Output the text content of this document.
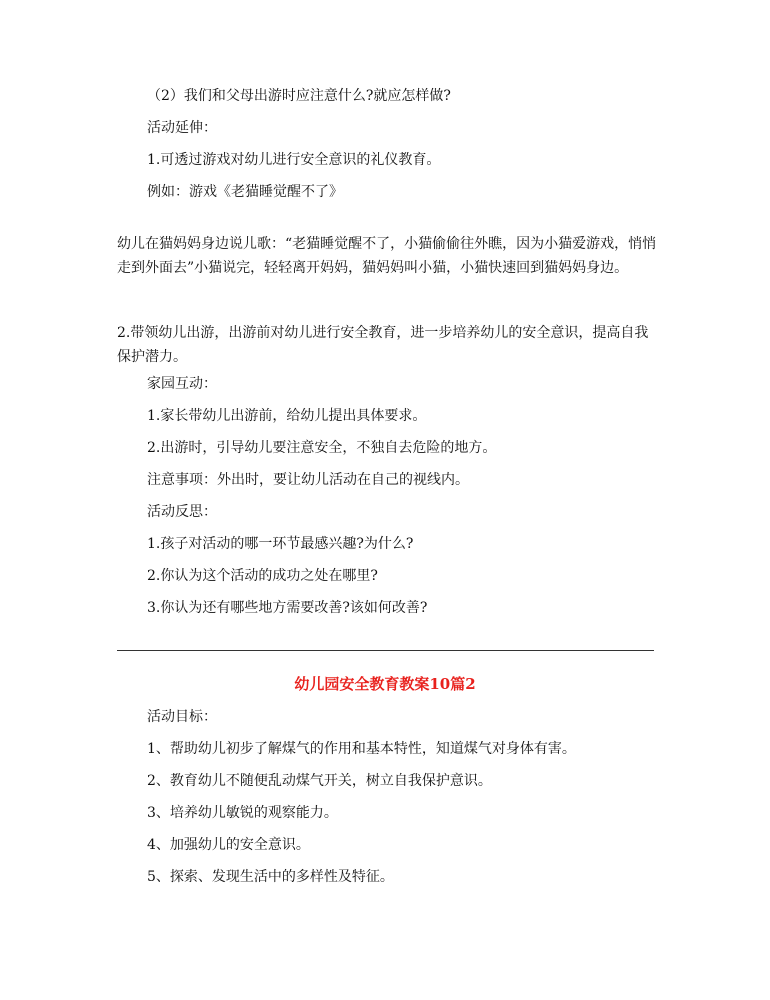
（2）我们和父母出游时应注意什么?就应怎样做?
活动延伸：
1.可透过游戏对幼儿进行安全意识的礼仪教育。
例如：游戏《老猫睡觉醒不了》
幼儿在猫妈妈身边说儿歌：“老猫睡觉醒不了，小猫偷偷往外瞧，因为小猫爱游戏，悄悄走到外面去”小猫说完，轻轻离开妈妈，猫妈妈叫小猫，小猫快速回到猫妈妈身边。
2.带领幼儿出游，出游前对幼儿进行安全教育，进一步培养幼儿的安全意识，提高自我保护潜力。
家园互动：
1.家长带幼儿出游前，给幼儿提出具体要求。
2.出游时，引导幼儿要注意安全，不独自去危险的地方。
注意事项：外出时，要让幼儿活动在自己的视线内。
活动反思：
1.孩子对活动的哪一环节最感兴趣?为什么?
2.你认为这个活动的成功之处在哪里?
3.你认为还有哪些地方需要改善?该如何改善?
幼儿园安全教育教案10篇2
活动目标：
1、帮助幼儿初步了解煤气的作用和基本特性，知道煤气对身体有害。
2、教育幼儿不随便乱动煤气开关，树立自我保护意识。
3、培养幼儿敏锐的观察能力。
4、加强幼儿的安全意识。
5、探索、发现生活中的多样性及特征。
